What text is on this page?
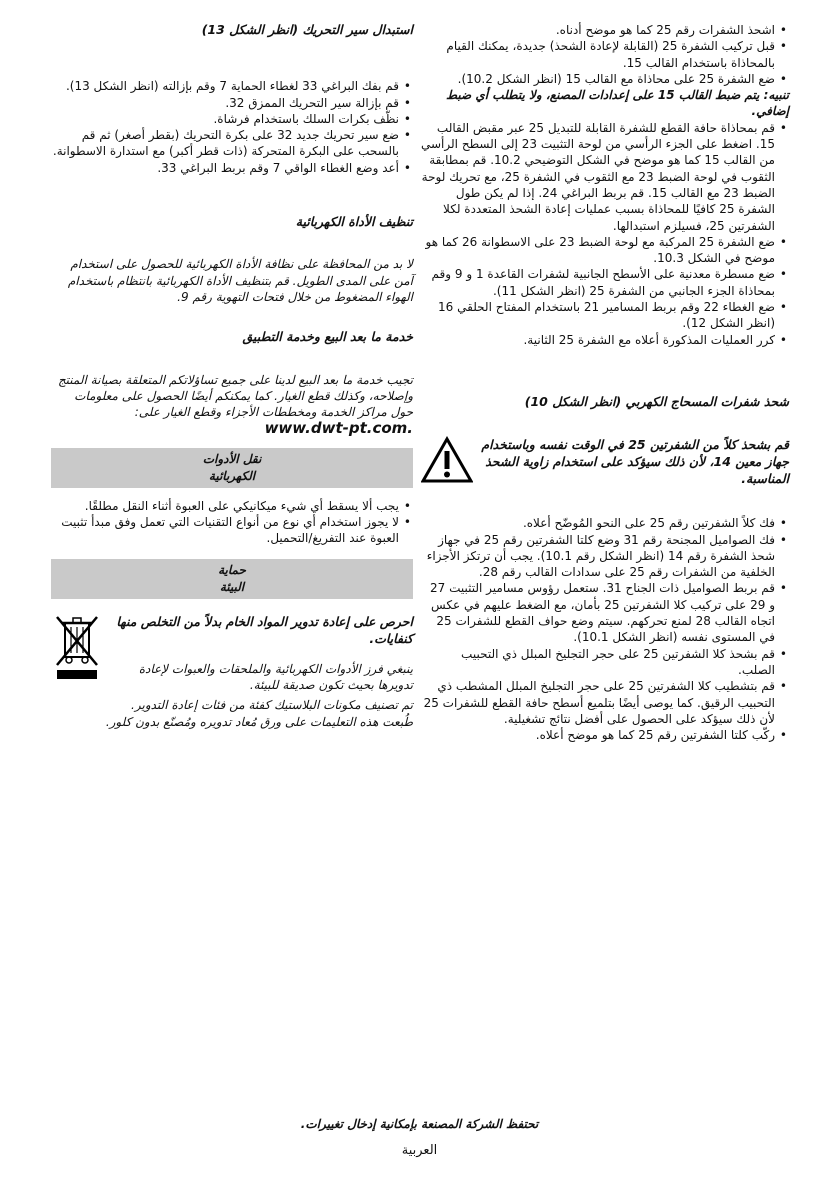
• اشحذ الشفرات رقم 25 كما هو موضح أدناه.
• قبل تركيب الشفرة 25 (القابلة لإعادة الشحذ) جديدة، يمكنك القيام بالمحاذاة باستخدام القالب 15.
• ضع الشفرة 25 على محاذاة مع القالب 15 (انظر الشكل 10.2).

تنبيه: يتم ضبط القالب 15 على إعدادات المصنع، ولا يتطلب أي ضبط إضافي.

• قم بمحاذاة حافة القطع للشفرة القابلة للتبديل 25 عبر مقبض القالب 15. اضغط على الجزء الرأسي من لوحة التثبيت 23 إلى السطح الرأسي من القالب 15 كما هو موضح في الشكل التوضيحي 10.2. قم بمطابقة الثقوب في لوحة الضبط 23 مع الثقوب في الشفرة 25، مع تحريك لوحة الضبط 23 مع القالب 15. قم بربط البراغي 24. إذا لم يكن طول الشفرة 25 كافيًا للمحاذاة بسبب عمليات إعادة الشحذ المتعددة لكلا الشفرتين 25، فسيلزم استبدالها.
• ضع الشفرة 25 المركبة مع لوحة الضبط 23 على الاسطوانة 26 كما هو موضح في الشكل 10.3.
• ضع مسطرة معدنية على الأسطح الجانبية لشفرات القاعدة 1 و 9 وقم بمحاذاة الجزء الجانبي من الشفرة 25 (انظر الشكل 11).
• ضع الغطاء 22 وقم بربط المسامير 21 باستخدام المفتاح الحلقي 16 (انظر الشكل 12).
• كرر العمليات المذكورة أعلاه مع الشفرة 25 الثانية.
شحذ شفرات المسحاج الكهربي (انظر الشكل 10)

قم بشحذ كلاً من الشفرتين 25 في الوقت نفسه وباستخدام جهاز معين 14، لأن ذلك سيؤكد على استخدام زاوية الشحذ المناسبة.

• فك كلاً الشفرتين رقم 25 على النحو المُوضّح أعلاه.
• فك الصواميل المجنحة رقم 31 وضع كلتا الشفرتين رقم 25 في جهاز شحذ الشفرة رقم 14 (انظر الشكل رقم 10.1). يجب أن ترتكز الأجزاء الخلفية من الشفرات رقم 25 على سدادات القالب رقم 28.
• قم بربط الصواميل ذات الجناح 31. ستعمل رؤوس مسامير التثبيت 27 و 29 على تركيب كلا الشفرتين 25 بأمان، مع الضغط عليهم في عكس اتجاه القالب 28 لمنع تحركهم. سيتم وضع حواف القطع للشفرات 25 في المستوى نفسه (انظر الشكل 10.1).
• قم بشحذ كلا الشفرتين 25 على حجر التجليخ المبلل ذي التحبيب الصلب.
• قم بتشطيب كلا الشفرتين 25 على حجر التجليخ المبلل المشطب ذي التحبيب الرقيق. كما يوصى أيضًا بتلميع أسطح حافة القطع للشفرات 25 لأن ذلك سيؤكد على الحصول على أفضل نتائج تشغيلية.
• ركّب كلتا الشفرتين رقم 25 كما هو موضح أعلاه.
استبدال سير التحريك (انظر الشكل 13)
• قم بفك البراغي 33 لغطاء الحماية 7 وقم بإزالته (انظر الشكل 13).
• قم بإزالة سير التحريك الممزق 32.
• نظّف بكرات السلك باستخدام فرشاة.
• ضع سير تحريك جديد 32 على بكرة التحريك (بقطر أصغر) ثم قم بالسحب على البكرة المتحركة (ذات قطر أكبر) مع استدارة الاسطوانة.
• أعد وضع الغطاء الواقي 7 وقم بربط البراغي 33.
تنظيف الأداة الكهربائية

لا بد من المحافظة على نظافة الأداة الكهربائية للحصول على استخدام آمن على المدى الطويل. قم بتنظيف الأداة الكهربائية بانتظام باستخدام الهواء المضغوط من خلال فتحات التهوية رقم 9.

خدمة ما بعد البيع وخدمة التطبيق

تجيب خدمة ما بعد البيع لدينا على جميع تساؤلاتكم المتعلقة بصيانة المنتج وإصلاحه، وكذلك قطع الغيار. كما يمكنكم أيضًا الحصول على معلومات حول مراكز الخدمة ومخططات الأجزاء وقطع الغيار على: www.dwt-pt.com.

نقل الأدوات
الكهربائية
• يجب ألا يسقط أي شيء ميكانيكي على العبوة أثناء النقل مطلقًا.
• لا يجوز استخدام أي نوع من أنواع التقنيات التي تعمل وفق مبدأ تثبيت العبوة عند التفريغ/التحميل.
حماية
البيئة

احرص على إعادة تدوير المواد الخام بدلاً من التخلص منها كنفايات.

ينبغي فرز الأدوات الكهربائية والملحقات والعبوات لإعادة تدويرها بحيث تكون صديقة للبيئة.

تم تصنيف مكونات البلاستيك كفئة من فئات إعادة التدوير.

طُبعت هذه التعليمات على ورق مُعاد تدويره ومُصنّع بدون كلور.

تحتفظ الشركة المصنعة بإمكانية إدخال تغييرات.
العربية
